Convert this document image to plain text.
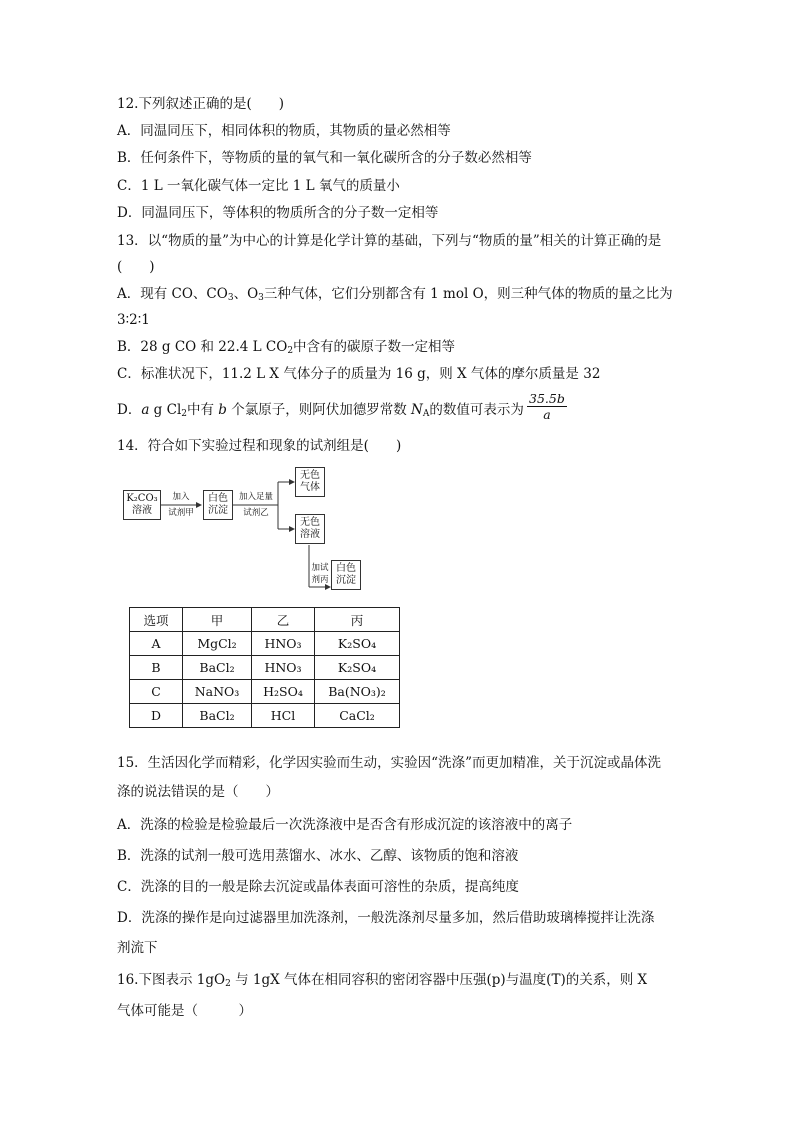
12.下列叙述正确的是(　　)
A．同温同压下，相同体积的物质，其物质的量必然相等
B．任何条件下，等物质的量的氧气和一氧化碳所含的分子数必然相等
C．1 L 一氧化碳气体一定比 1 L 氧气的质量小
D．同温同压下，等体积的物质所含的分子数一定相等
13．以“物质的量”为中心的计算是化学计算的基础，下列与“物质的量”相关的计算正确的是
(　　)
A．现有 CO、$CO_3$、$O_3$三种气体，它们分别都含有 1 mol O，则三种气体的物质的量之比为
3∶2∶1
B．28 g CO 和 22.4 L $CO_2$中含有的碳原子数一定相等
C．标准状况下，11.2 L X 气体分子的质量为 16 g，则 X 气体的摩尔质量是 32
D．a g $Cl_2$中有 b 个氯原子，则阿伏加德罗常数 $N_A$的数值可表示为 $\frac{35.5b}{a}$
14．符合如下实验过程和现象的试剂组是(　　)
K₂CO₃
溶液
加入
试剂甲
白色
沉淀
加入足量
试剂乙
无色
气体
无色
溶液
加试
剂丙
白色
沉淀
选项	甲	乙	丙
A	MgCl₂	HNO₃	K₂SO₄
B	BaCl₂	HNO₃	K₂SO₄
C	NaNO₃	H₂SO₄	Ba(NO₃)₂
D	BaCl₂	HCl	CaCl₂
15．生活因化学而精彩，化学因实验而生动，实验因“洗涤”而更加精准，关于沉淀或晶体洗
涤的说法错误的是（　　）
A．洗涤的检验是检验最后一次洗涤液中是否含有形成沉淀的该溶液中的离子
B．洗涤的试剂一般可选用蒸馏水、冰水、乙醇、该物质的饱和溶液
C．洗涤的目的一般是除去沉淀或晶体表面可溶性的杂质，提高纯度
D．洗涤的操作是向过滤器里加洗涤剂，一般洗涤剂尽量多加，然后借助玻璃棒搅拌让洗涤
剂流下
16.下图表示 $1gO_2$ 与 1gX 气体在相同容积的密闭容器中压强(p)与温度(T)的关系，则 X
气体可能是（　　　）
